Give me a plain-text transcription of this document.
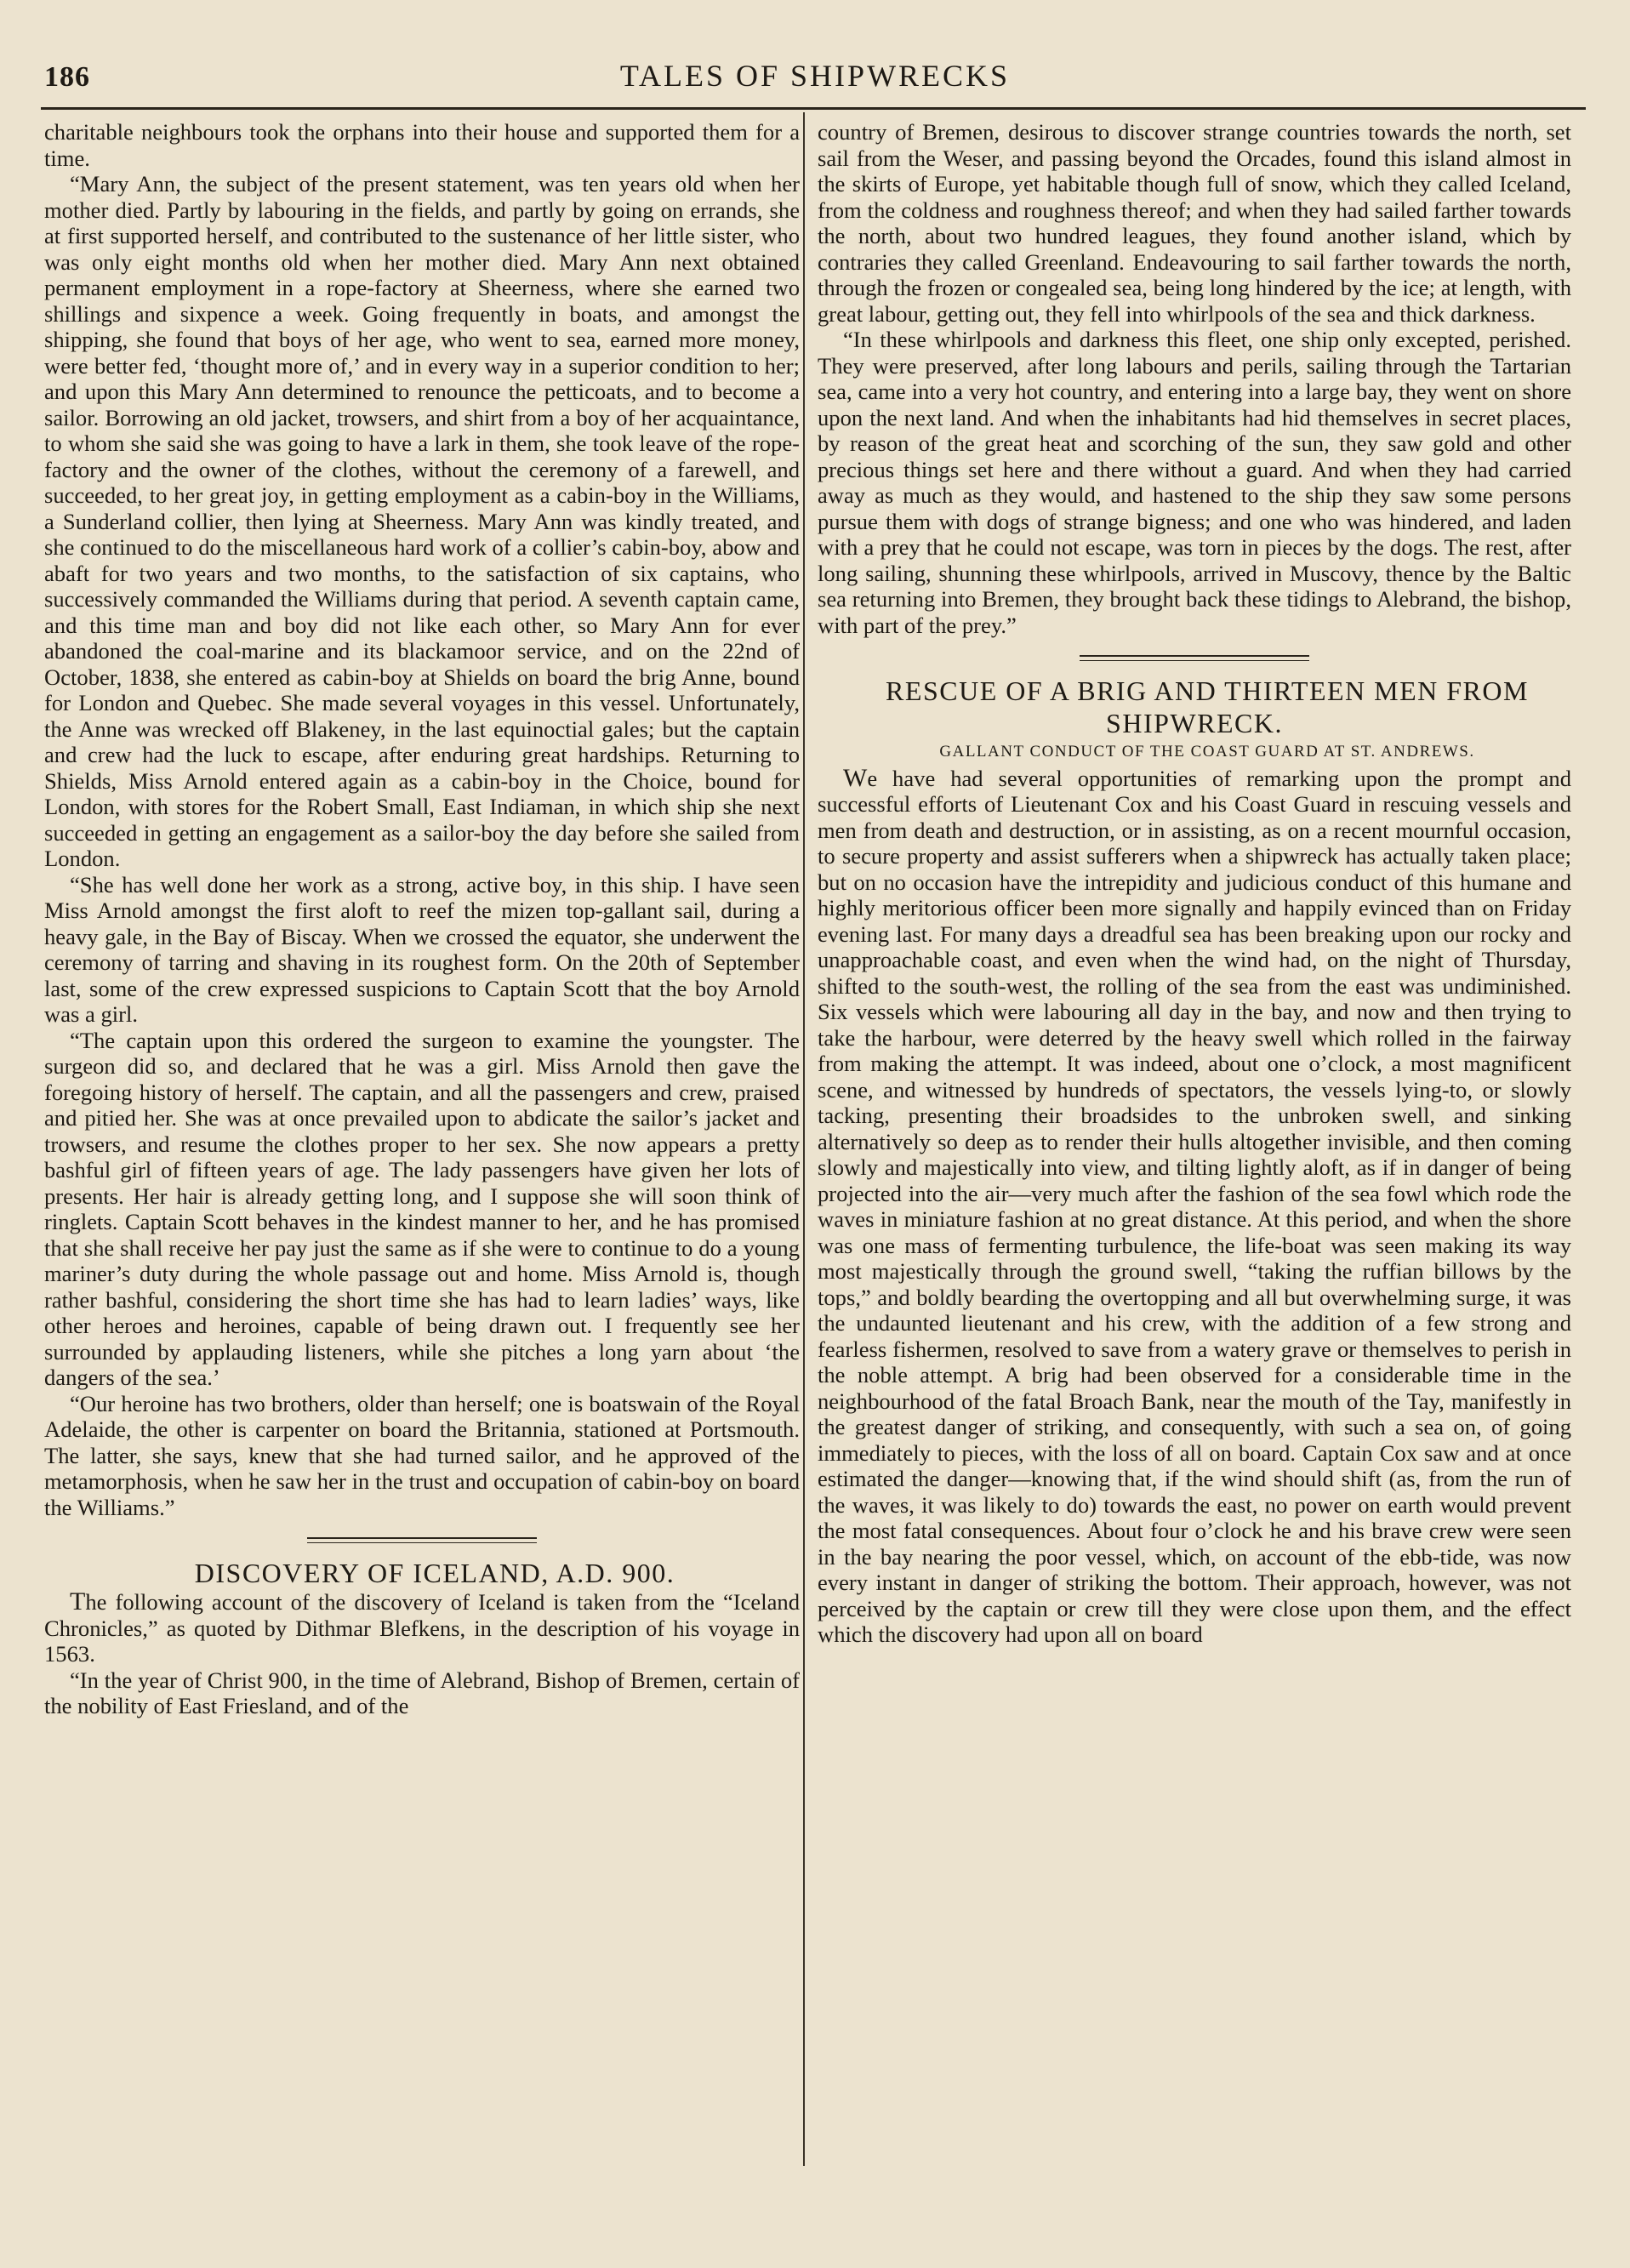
186	TALES OF SHIPWRECKS

charitable neighbours took the orphans into their house and supported them for a time.

“Mary Ann, the subject of the present statement, was ten years old when her mother died. Partly by labouring in the fields, and partly by going on errands, she at first supported herself, and contributed to the sustenance of her little sister, who was only eight months old when her mother died. Mary Ann next obtained permanent employment in a rope-factory at Sheerness, where she earned two shillings and sixpence a week. Going frequently in boats, and amongst the shipping, she found that boys of her age, who went to sea, earned more money, were better fed, ‘thought more of,’ and in every way in a superior condition to her; and upon this Mary Ann determined to renounce the petticoats, and to become a sailor. Borrowing an old jacket, trowsers, and shirt from a boy of her acquaintance, to whom she said she was going to have a lark in them, she took leave of the rope-factory and the owner of the clothes, without the ceremony of a farewell, and succeeded, to her great joy, in getting employment as a cabin-boy in the Williams, a Sunderland collier, then lying at Sheerness. Mary Ann was kindly treated, and she continued to do the miscellaneous hard work of a collier’s cabin-boy, abow and abaft for two years and two months, to the satisfaction of six captains, who successively commanded the Williams during that period. A seventh captain came, and this time man and boy did not like each other, so Mary Ann for ever abandoned the coal-marine and its blackamoor service, and on the 22nd of October, 1838, she entered as cabin-boy at Shields on board the brig Anne, bound for London and Quebec. She made several voyages in this vessel. Unfortunately, the Anne was wrecked off Blakeney, in the last equinoctial gales; but the captain and crew had the luck to escape, after enduring great hardships. Returning to Shields, Miss Arnold entered again as a cabin-boy in the Choice, bound for London, with stores for the Robert Small, East Indiaman, in which ship she next succeeded in getting an engagement as a sailor-boy the day before she sailed from London.

“She has well done her work as a strong, active boy, in this ship. I have seen Miss Arnold amongst the first aloft to reef the mizen top-gallant sail, during a heavy gale, in the Bay of Biscay. When we crossed the equator, she underwent the ceremony of tarring and shaving in its roughest form. On the 20th of September last, some of the crew expressed suspicions to Captain Scott that the boy Arnold was a girl.

“The captain upon this ordered the surgeon to examine the youngster. The surgeon did so, and declared that he was a girl. Miss Arnold then gave the foregoing history of herself. The captain, and all the passengers and crew, praised and pitied her. She was at once prevailed upon to abdicate the sailor’s jacket and trowsers, and resume the clothes proper to her sex. She now appears a pretty bashful girl of fifteen years of age. The lady passengers have given her lots of presents. Her hair is already getting long, and I suppose she will soon think of ringlets. Captain Scott behaves in the kindest manner to her, and he has promised that she shall receive her pay just the same as if she were to continue to do a young mariner’s duty during the whole passage out and home. Miss Arnold is, though rather bashful, considering the short time she has had to learn ladies’ ways, like other heroes and heroines, capable of being drawn out. I frequently see her surrounded by applauding listeners, while she pitches a long yarn about ‘the dangers of the sea.’

“Our heroine has two brothers, older than herself; one is boatswain of the Royal Adelaide, the other is carpenter on board the Britannia, stationed at Portsmouth. The latter, she says, knew that she had turned sailor, and he approved of the metamorphosis, when he saw her in the trust and occupation of cabin-boy on board the Williams.”

DISCOVERY OF ICELAND, A.D. 900.

The following account of the discovery of Iceland is taken from the “Iceland Chronicles,” as quoted by Dithmar Blefkens, in the description of his voyage in 1563.

“In the year of Christ 900, in the time of Alebrand, Bishop of Bremen, certain of the nobility of East Friesland, and of the

country of Bremen, desirous to discover strange countries towards the north, set sail from the Weser, and passing beyond the Orcades, found this island almost in the skirts of Europe, yet habitable though full of snow, which they called Iceland, from the coldness and roughness thereof; and when they had sailed farther towards the north, about two hundred leagues, they found another island, which by contraries they called Greenland. Endeavouring to sail farther towards the north, through the frozen or congealed sea, being long hindered by the ice; at length, with great labour, getting out, they fell into whirlpools of the sea and thick darkness.

“In these whirlpools and darkness this fleet, one ship only excepted, perished. They were preserved, after long labours and perils, sailing through the Tartarian sea, came into a very hot country, and entering into a large bay, they went on shore upon the next land. And when the inhabitants had hid themselves in secret places, by reason of the great heat and scorching of the sun, they saw gold and other precious things set here and there without a guard. And when they had carried away as much as they would, and hastened to the ship they saw some persons pursue them with dogs of strange bigness; and one who was hindered, and laden with a prey that he could not escape, was torn in pieces by the dogs. The rest, after long sailing, shunning these whirlpools, arrived in Muscovy, thence by the Baltic sea returning into Bremen, they brought back these tidings to Alebrand, the bishop, with part of the prey.”

RESCUE OF A BRIG AND THIRTEEN MEN FROM SHIPWRECK.

GALLANT CONDUCT OF THE COAST GUARD AT ST. ANDREWS.

We have had several opportunities of remarking upon the prompt and successful efforts of Lieutenant Cox and his Coast Guard in rescuing vessels and men from death and destruction, or in assisting, as on a recent mournful occasion, to secure property and assist sufferers when a shipwreck has actually taken place; but on no occasion have the intrepidity and judicious conduct of this humane and highly meritorious officer been more signally and happily evinced than on Friday evening last. For many days a dreadful sea has been breaking upon our rocky and unapproachable coast, and even when the wind had, on the night of Thursday, shifted to the south-west, the rolling of the sea from the east was undiminished. Six vessels which were labouring all day in the bay, and now and then trying to take the harbour, were deterred by the heavy swell which rolled in the fairway from making the attempt. It was indeed, about one o’clock, a most magnificent scene, and witnessed by hundreds of spectators, the vessels lying-to, or slowly tacking, presenting their broadsides to the unbroken swell, and sinking alternatively so deep as to render their hulls altogether invisible, and then coming slowly and majestically into view, and tilting lightly aloft, as if in danger of being projected into the air—very much after the fashion of the sea fowl which rode the waves in miniature fashion at no great distance. At this period, and when the shore was one mass of fermenting turbulence, the life-boat was seen making its way most majestically through the ground swell, “taking the ruffian billows by the tops,” and boldly bearding the overtopping and all but overwhelming surge, it was the undaunted lieutenant and his crew, with the addition of a few strong and fearless fishermen, resolved to save from a watery grave or themselves to perish in the noble attempt. A brig had been observed for a considerable time in the neighbourhood of the fatal Broach Bank, near the mouth of the Tay, manifestly in the greatest danger of striking, and consequently, with such a sea on, of going immediately to pieces, with the loss of all on board. Captain Cox saw and at once estimated the danger—knowing that, if the wind should shift (as, from the run of the waves, it was likely to do) towards the east, no power on earth would prevent the most fatal consequences. About four o’clock he and his brave crew were seen in the bay nearing the poor vessel, which, on account of the ebb-tide, was now every instant in danger of striking the bottom. Their approach, however, was not perceived by the captain or crew till they were close upon them, and the effect which the discovery had upon all on board
